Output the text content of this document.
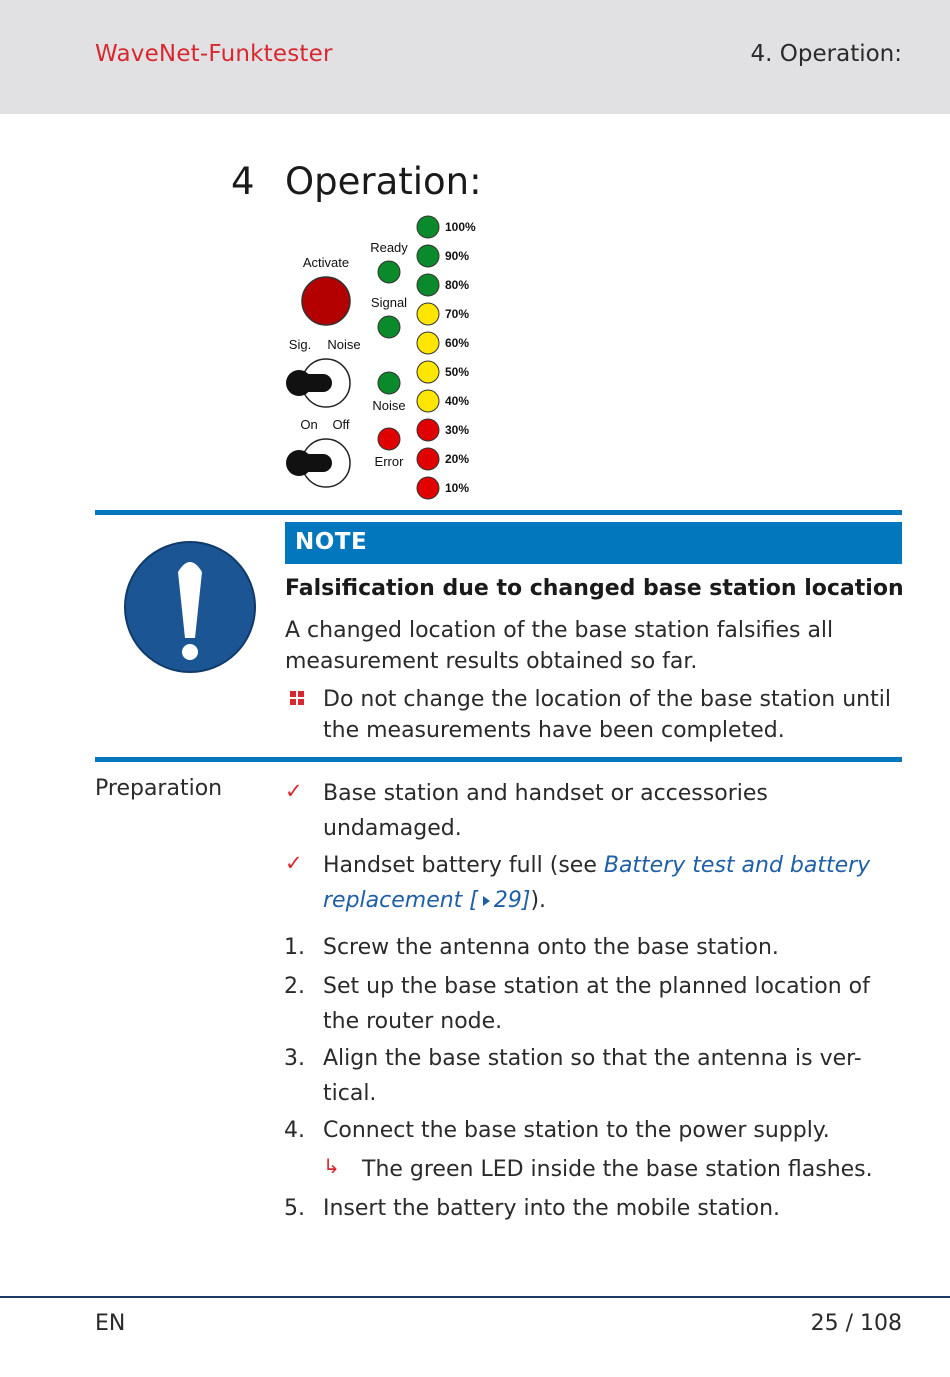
WaveNet-Funktester	4. Operation:
4 Operation:
Activate
Sig. Noise
On Off
Ready
Signal
Noise
Error
100%
90%
80%
70%
60%
50%
40%
30%
20%
10%
NOTE
Falsification due to changed base station location
A changed location of the base station falsifies all
measurement results obtained so far.
Do not change the location of the base station until
the measurements have been completed.
Preparation	✓ Base station and handset or accessories
undamaged.
✓ Handset battery full (see Battery test and battery
replacement [ 29]).
1. Screw the antenna onto the base station.
2. Set up the base station at the planned location of
the router node.
3. Align the base station so that the antenna is ver-
tical.
4. Connect the base station to the power supply.
↳ The green LED inside the base station flashes.
5. Insert the battery into the mobile station.
EN	25 / 108
